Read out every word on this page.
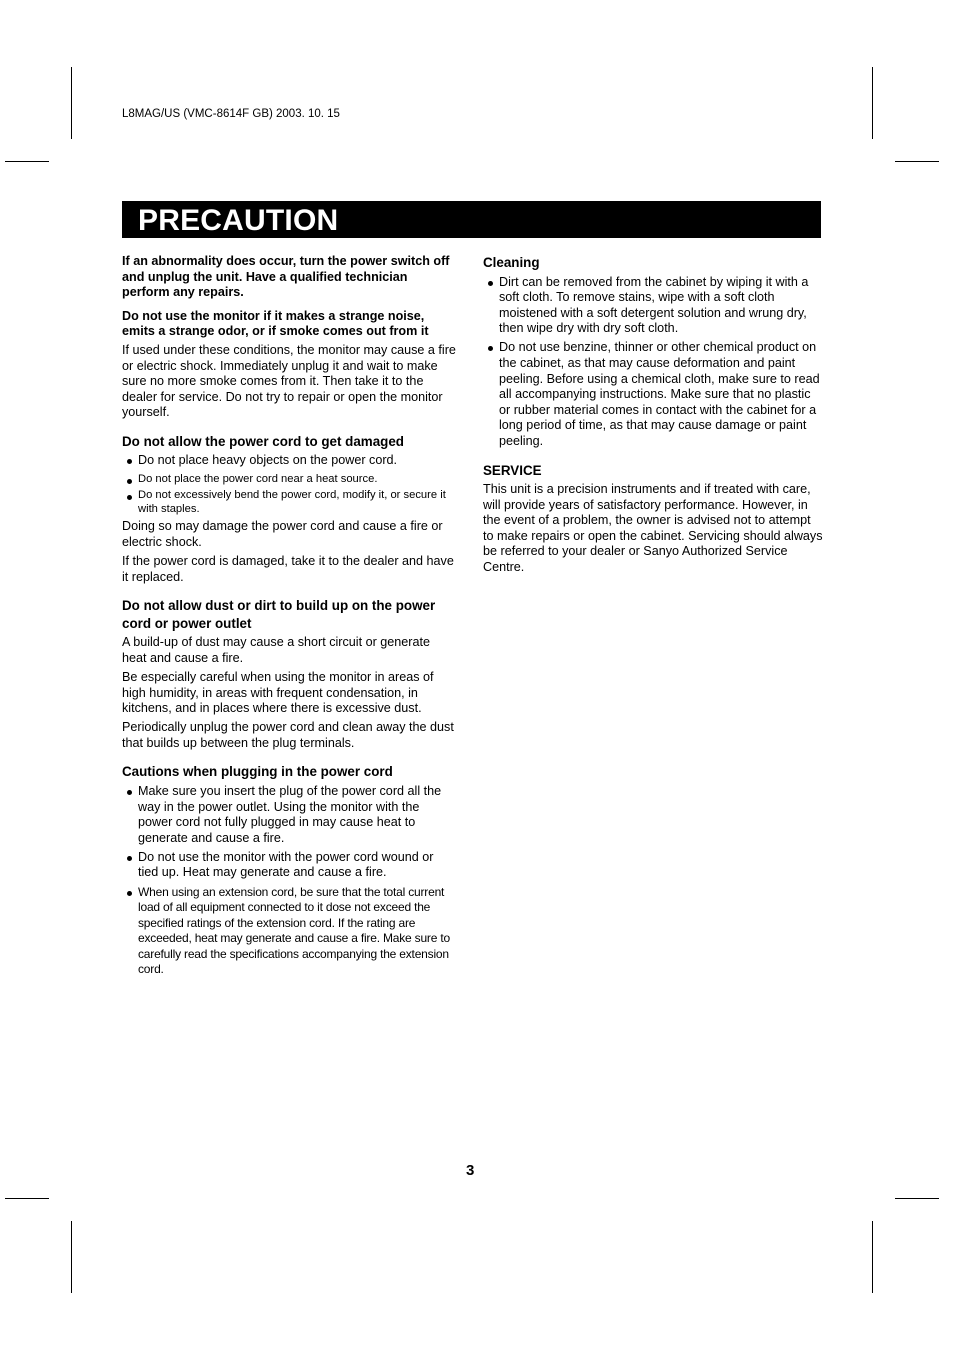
L8MAG/US (VMC-8614F GB) 2003. 10. 15
PRECAUTION

If an abnormality does occur, turn the power switch off and unplug the unit. Have a qualified technician perform any repairs.

Do not use the monitor if it makes a strange noise, emits a strange odor, or if smoke comes out from it

If used under these conditions, the monitor may cause a fire or electric shock. Immediately unplug it and wait to make sure no more smoke comes from it. Then take it to the dealer for service. Do not try to repair or open the monitor yourself.

Do not allow the power cord to get damaged
Do not place heavy objects on the power cord.
Do not place the power cord near a heat source.
Do not excessively bend the power cord, modify it, or secure it with staples.

Doing so may damage the power cord and cause a fire or electric shock.

If the power cord is damaged, take it to the dealer and have it replaced.

Do not allow dust or dirt to build up on the power cord or power outlet

A build-up of dust may cause a short circuit or generate heat and cause a fire.

Be especially careful when using the monitor in areas of high humidity, in areas with frequent condensation, in kitchens, and in places where there is excessive dust.

Periodically unplug the power cord and clean away the dust that builds up between the plug terminals.

Cautions when plugging in the power cord
Make sure you insert the plug of the power cord all the way in the power outlet. Using the monitor with the power cord not fully plugged in may cause heat to generate and cause a fire.
Do not use the monitor with the power cord wound or tied up. Heat may generate and cause a fire.
When using an extension cord, be sure that the total current load of all equipment connected to it dose not exceed the specified ratings of the extension cord. If the rating are exceeded, heat may generate and cause a fire. Make sure to carefully read the specifications accompanying the extension cord.
Cleaning
Dirt can be removed from the cabinet by wiping it with a soft cloth. To remove stains, wipe with a soft cloth moistened with a soft detergent solution and wrung dry, then wipe dry with dry soft cloth.
Do not use benzine, thinner or other chemical product on the cabinet, as that may cause deformation and paint peeling. Before using a chemical cloth, make sure to read all accompanying instructions. Make sure that no plastic or rubber material comes in contact with the cabinet for a long period of time, as that may cause damage or paint peeling.
SERVICE

This unit is a precision instruments and if treated with care, will provide years of satisfactory performance. However, in the event of a problem, the owner is advised not to attempt to make repairs or open the cabinet. Servicing should always be referred to your dealer or Sanyo Authorized Service Centre.

3
